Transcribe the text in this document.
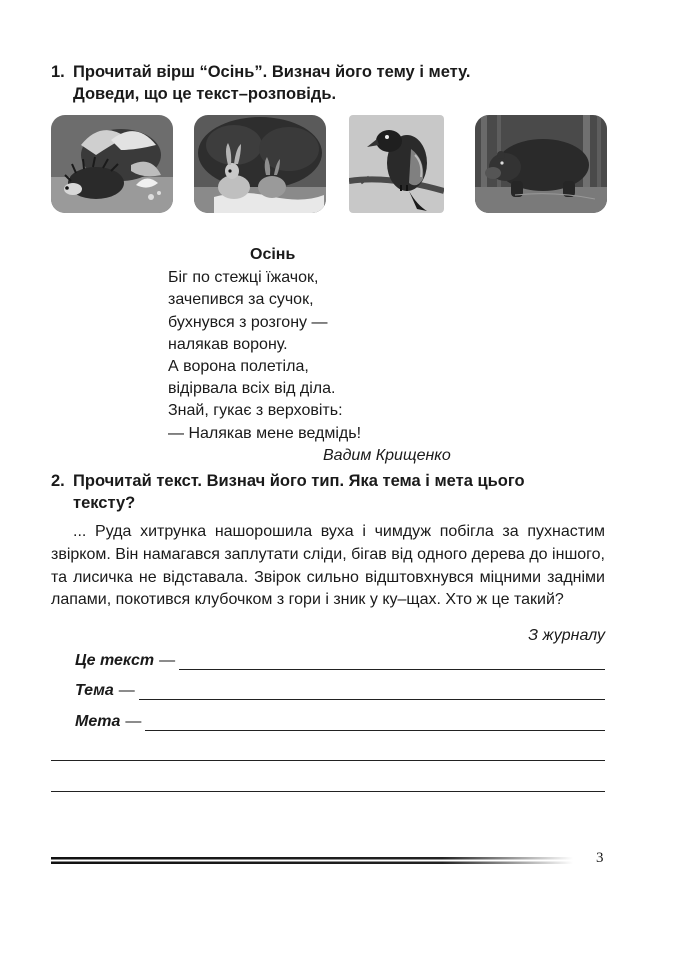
1. Прочитай вірш “Осінь”. Визнач його тему і мету.
Доведи, що це текст–розповідь.
Осінь
Біг по стежці їжачок,
зачепився за сучок,
бухнувся з розгону —
налякав ворону.
А ворона полетіла,
відірвала всіх від діла.
Знай, гукає з верховіть:
— Налякав мене ведмідь!
Вадим Крищенко
2. Прочитай текст. Визнач його тип. Яка тема і мета цього
тексту?
... Руда хитрунка нашорошила вуха і чимдуж побігла за пухнастим звірком. Він намагався заплутати сліди, бігав від одного дерева до іншого, та лисичка не відставала. Звірок сильно відштовхнувся міцними задніми лапами, покотився клубочком з гори і зник у ку–щах. Хто ж це такий?
З журналу
Це текст —
Тема —
Мета —
3
